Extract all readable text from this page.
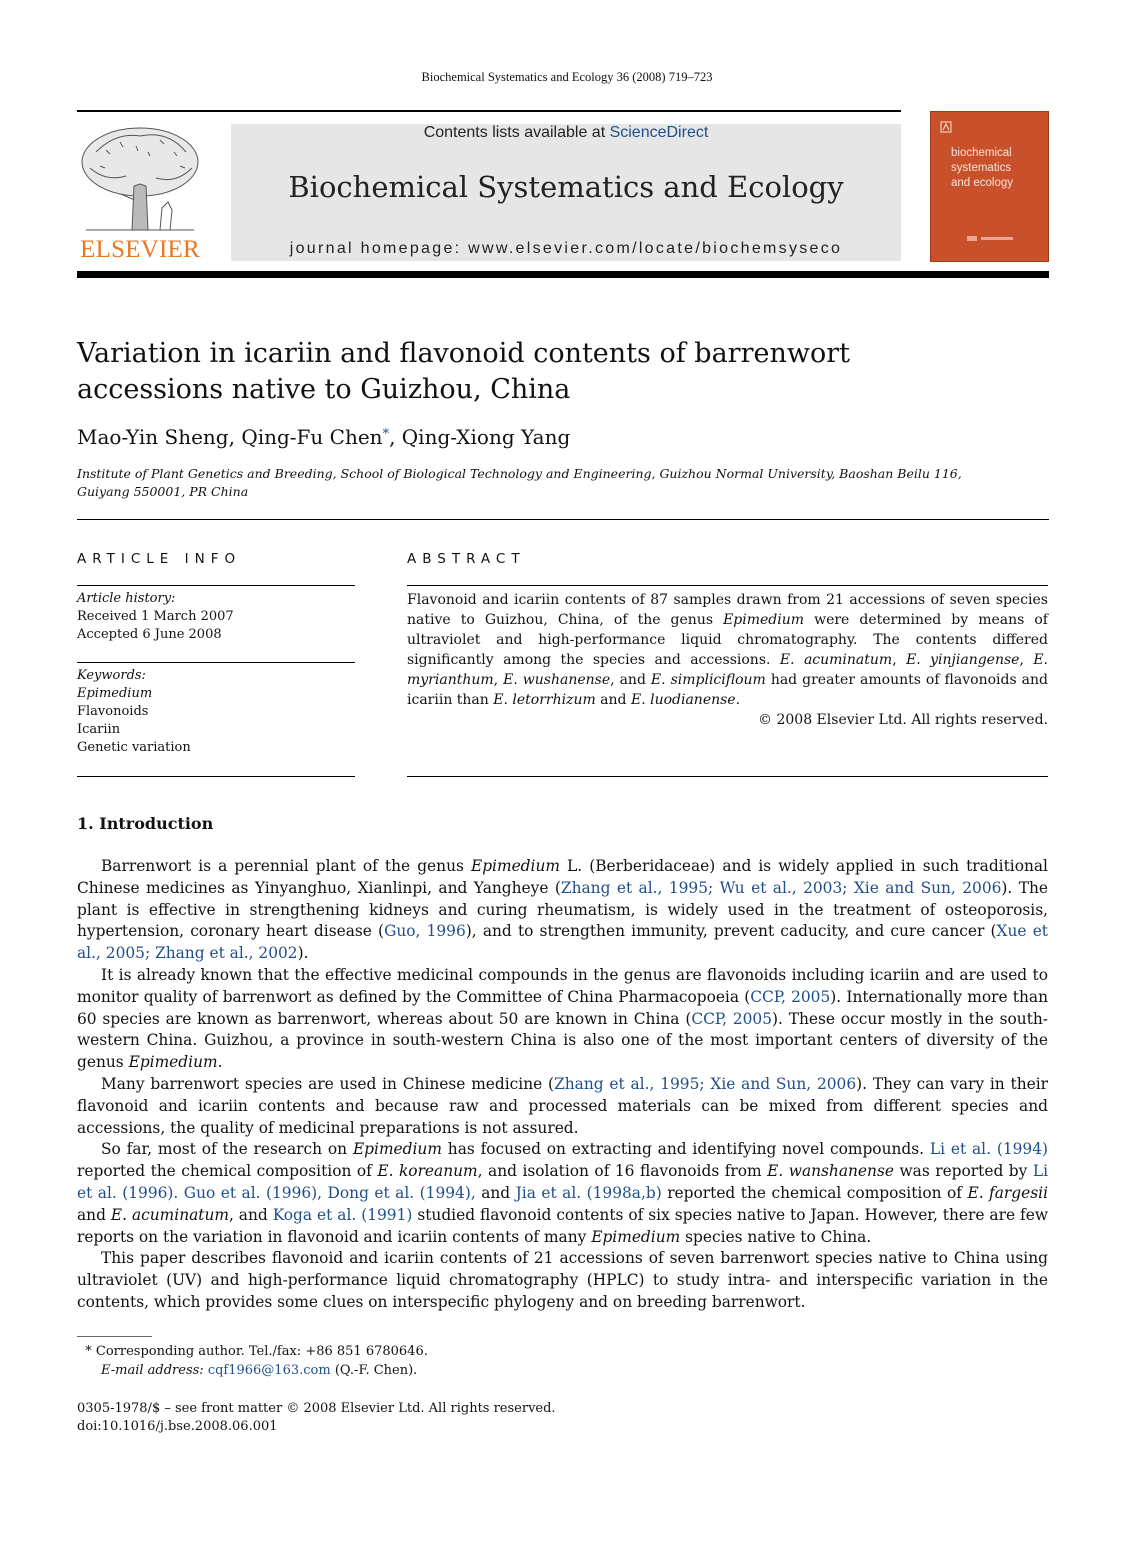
Biochemical Systematics and Ecology 36 (2008) 719–723
ELSEVIER
Contents lists available at ScienceDirect
Biochemical Systematics and Ecology
journal homepage: www.elsevier.com/locate/biochemsyseco
biochemical
systematics
and ecology
Variation in icariin and flavonoid contents of barrenwort
accessions native to Guizhou, China
Mao-Yin Sheng, Qing-Fu Chen*, Qing-Xiong Yang
Institute of Plant Genetics and Breeding, School of Biological Technology and Engineering, Guizhou Normal University, Baoshan Beilu 116,
Guiyang 550001, PR China
ARTICLE INFO
Article history:
Received 1 March 2007
Accepted 6 June 2008
Keywords:
Epimedium
Flavonoids
Icariin
Genetic variation
ABSTRACT
Flavonoid and icariin contents of 87 samples drawn from 21 accessions of seven species native to Guizhou, China, of the genus Epimedium were determined by means of ultraviolet and high-performance liquid chromatography. The contents differed significantly among the species and accessions. E. acuminatum, E. yinjiangense, E. myrianthum, E. wushanense, and E. simplicifloum had greater amounts of flavonoids and icariin than E. letorrhizum and E. luodianense.
© 2008 Elsevier Ltd. All rights reserved.
1. Introduction

Barrenwort is a perennial plant of the genus Epimedium L. (Berberidaceae) and is widely applied in such traditional Chinese medicines as Yinyanghuo, Xianlinpi, and Yangheye (Zhang et al., 1995; Wu et al., 2003; Xie and Sun, 2006). The plant is effective in strengthening kidneys and curing rheumatism, is widely used in the treatment of osteoporosis, hypertension, coronary heart disease (Guo, 1996), and to strengthen immunity, prevent caducity, and cure cancer (Xue et al., 2005; Zhang et al., 2002).

It is already known that the effective medicinal compounds in the genus are flavonoids including icariin and are used to monitor quality of barrenwort as defined by the Committee of China Pharmacopoeia (CCP, 2005). Internationally more than 60 species are known as barrenwort, whereas about 50 are known in China (CCP, 2005). These occur mostly in the south-western China. Guizhou, a province in south-western China is also one of the most important centers of diversity of the genus Epimedium.

Many barrenwort species are used in Chinese medicine (Zhang et al., 1995; Xie and Sun, 2006). They can vary in their flavonoid and icariin contents and because raw and processed materials can be mixed from different species and accessions, the quality of medicinal preparations is not assured.

So far, most of the research on Epimedium has focused on extracting and identifying novel compounds. Li et al. (1994) reported the chemical composition of E. koreanum, and isolation of 16 flavonoids from E. wanshanense was reported by Li et al. (1996). Guo et al. (1996), Dong et al. (1994), and Jia et al. (1998a,b) reported the chemical composition of E. fargesii and E. acuminatum, and Koga et al. (1991) studied flavonoid contents of six species native to Japan. However, there are few reports on the variation in flavonoid and icariin contents of many Epimedium species native to China.

This paper describes flavonoid and icariin contents of 21 accessions of seven barrenwort species native to China using ultraviolet (UV) and high-performance liquid chromatography (HPLC) to study intra- and interspecific variation in the contents, which provides some clues on interspecific phylogeny and on breeding barrenwort.

* Corresponding author. Tel./fax: +86 851 6780646.
E-mail address: cqf1966@163.com (Q.-F. Chen).
0305-1978/$ – see front matter © 2008 Elsevier Ltd. All rights reserved.
doi:10.1016/j.bse.2008.06.001
